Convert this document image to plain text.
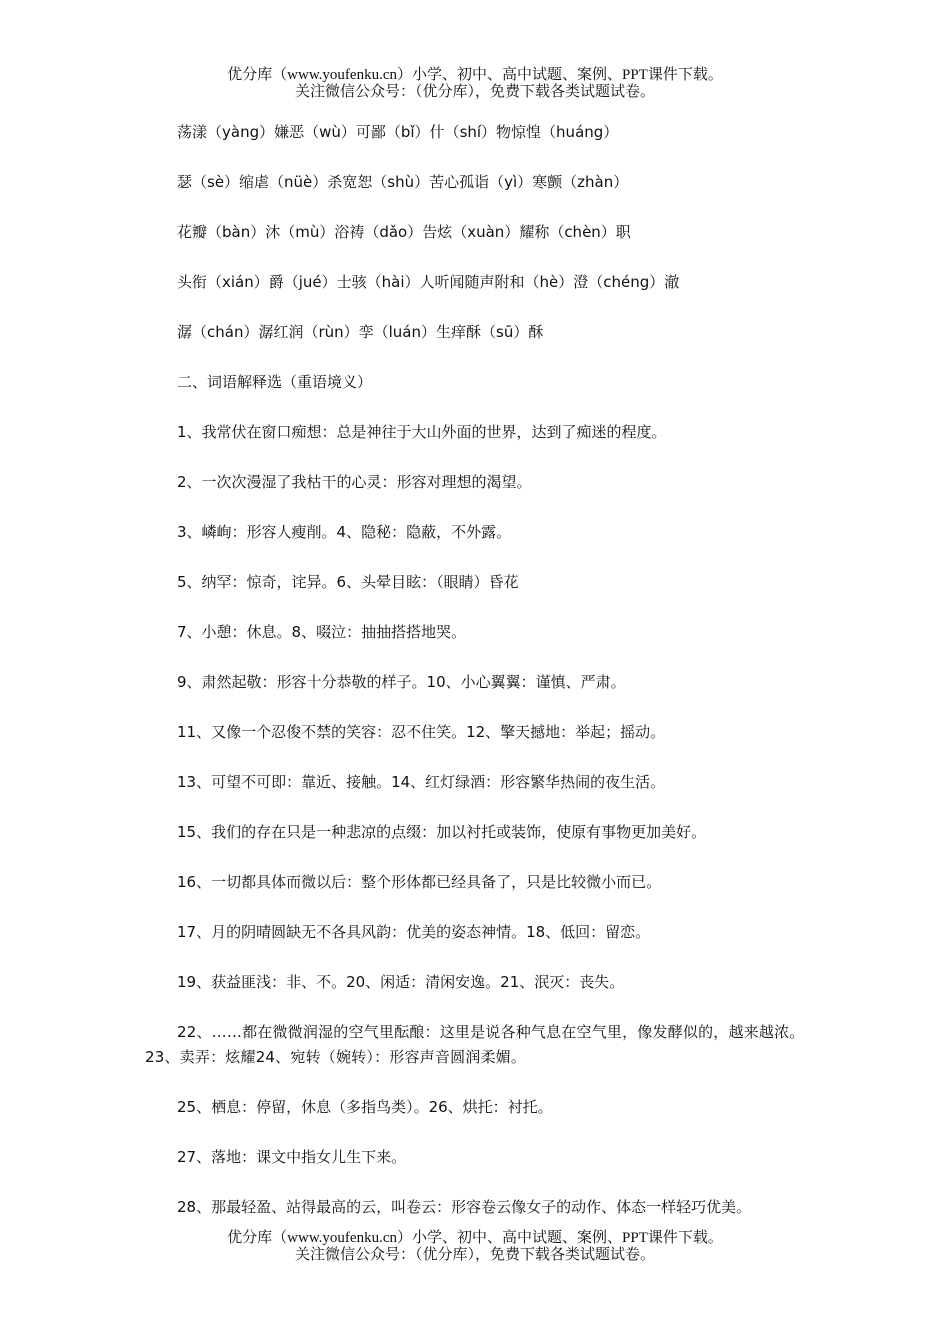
优分库（www.youfenku.cn）小学、初中、高中试题、案例、PPT课件下载。
关注微信公众号：（优分库），免费下载各类试题试卷。

荡漾（yàng）嫌恶（wù）可鄙（bǐ）什（shí）物惊惶（huáng）

瑟（sè）缩虐（nüè）杀宽恕（shù）苦心孤诣（yì）寒颤（zhàn）

花瓣（bàn）沐（mù）浴祷（dǎo）告炫（xuàn）耀称（chèn）职

头衔（xián）爵（jué）士骇（hài）人听闻随声附和（hè）澄（chéng）澈

潺（chán）潺红润（rùn）孪（luán）生痒酥（sū）酥

二、词语解释选（重语境义）

1、我常伏在窗口痴想：总是神往于大山外面的世界，达到了痴迷的程度。

2、一次次漫湿了我枯干的心灵：形容对理想的渴望。

3、嶙峋：形容人瘦削。4、隐秘：隐蔽，不外露。

5、纳罕：惊奇，诧异。6、头晕目眩：（眼睛）昏花

7、小憩：休息。8、啜泣：抽抽搭搭地哭。

9、肃然起敬：形容十分恭敬的样子。10、小心翼翼：谨慎、严肃。

11、又像一个忍俊不禁的笑容：忍不住笑。12、擎天撼地：举起；摇动。

13、可望不可即：靠近、接触。14、红灯绿酒：形容繁华热闹的夜生活。

15、我们的存在只是一种悲凉的点缀：加以衬托或装饰，使原有事物更加美好。

16、一切都具体而微以后：整个形体都已经具备了，只是比较微小而已。

17、月的阴晴圆缺无不各具风韵：优美的姿态神情。18、低回：留恋。

19、获益匪浅：非、不。20、闲适：清闲安逸。21、泯灭：丧失。

22、……都在微微润湿的空气里酝酿：这里是说各种气息在空气里，像发酵似的，越来越浓。23、卖弄：炫耀24、宛转（婉转）：形容声音圆润柔媚。

25、栖息：停留，休息（多指鸟类）。26、烘托：衬托。

27、落地：课文中指女儿生下来。

28、那最轻盈、站得最高的云，叫卷云：形容卷云像女子的动作、体态一样轻巧优美。

优分库（www.youfenku.cn）小学、初中、高中试题、案例、PPT课件下载。
关注微信公众号：（优分库），免费下载各类试题试卷。
